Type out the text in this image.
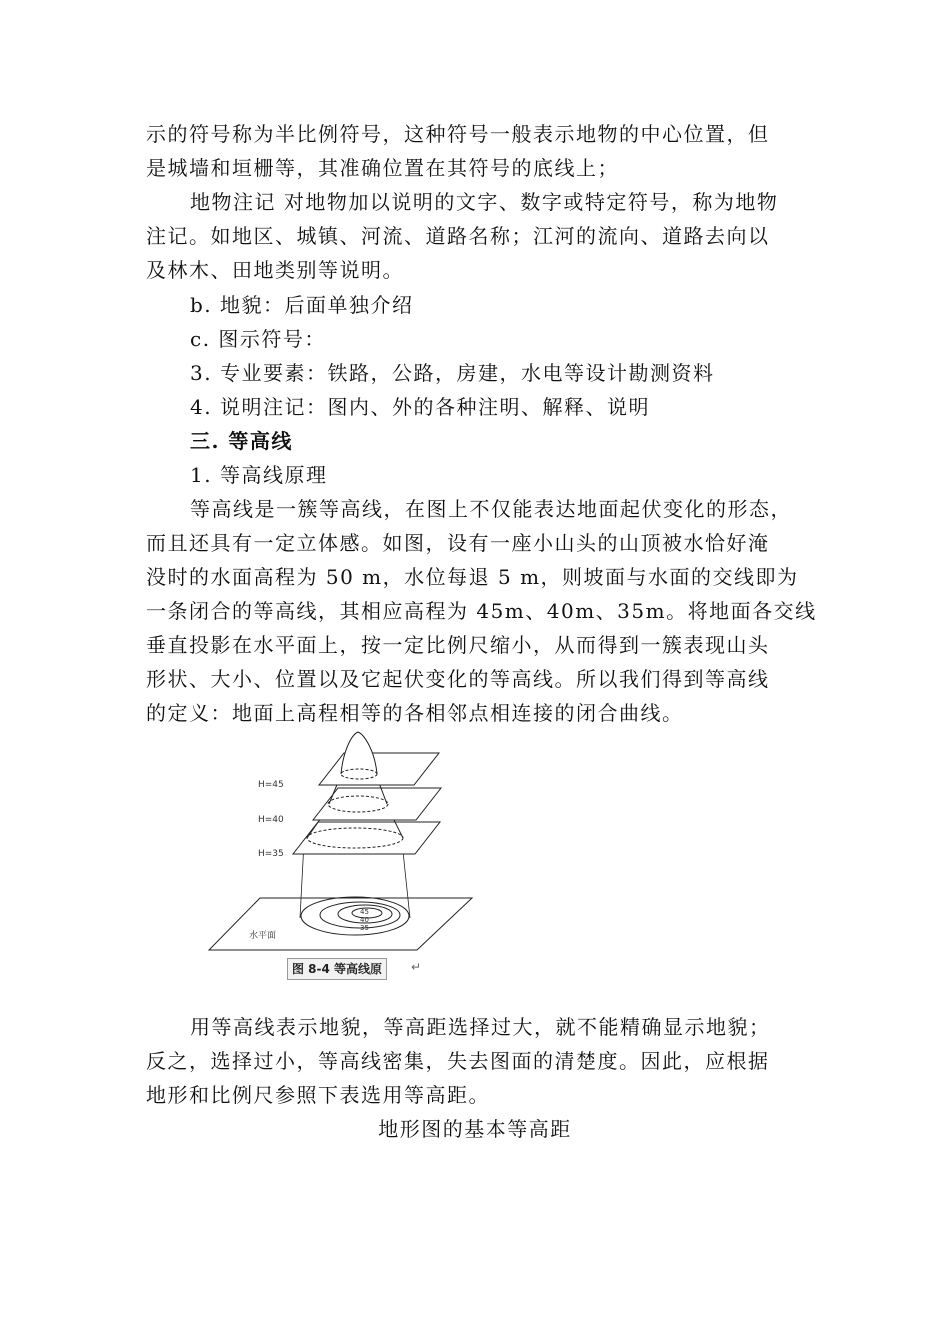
示的符号称为半比例符号，这种符号一般表示地物的中心位置，但
是城墙和垣栅等，其准确位置在其符号的底线上；
地物注记 对地物加以说明的文字、数字或特定符号，称为地物
注记。如地区、城镇、河流、道路名称；江河的流向、道路去向以
及林木、田地类别等说明。
b. 地貌：后面单独介绍
c. 图示符号：
3. 专业要素：铁路，公路，房建，水电等设计勘测资料
4. 说明注记：图内、外的各种注明、解释、说明
三. 等高线
1. 等高线原理
等高线是一簇等高线，在图上不仅能表达地面起伏变化的形态，
而且还具有一定立体感。如图，设有一座小山头的山顶被水恰好淹
没时的水面高程为 50 m，水位每退 5 m，则坡面与水面的交线即为
一条闭合的等高线，其相应高程为 45m、40m、35m。将地面各交线
垂直投影在水平面上，按一定比例尺缩小，从而得到一簇表现山头
形状、大小、位置以及它起伏变化的等高线。所以我们得到等高线
的定义：地面上高程相等的各相邻点相连接的闭合曲线。
H=45
H=40
H=35
水平面
45
40
35
图 8-4 等高线原	↵
用等高线表示地貌，等高距选择过大，就不能精确显示地貌；
反之，选择过小，等高线密集，失去图面的清楚度。因此，应根据
地形和比例尺参照下表选用等高距。
地形图的基本等高距
